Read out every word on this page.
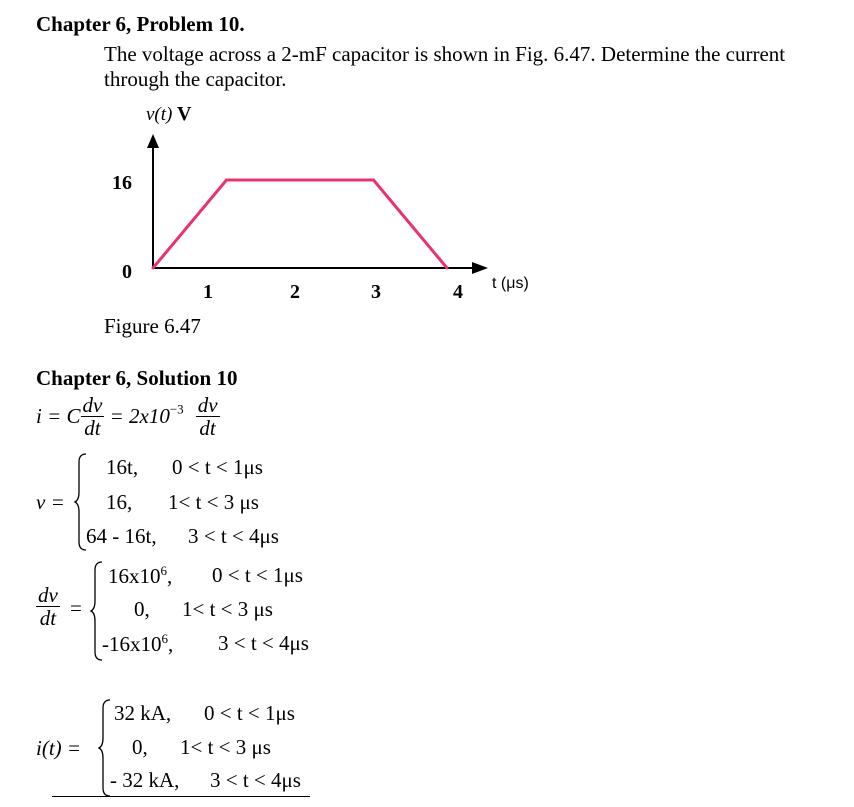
Chapter 6, Problem 10.
The voltage across a 2-mF capacitor is shown in Fig. 6.47. Determine the current
through the capacitor.
v(t) V
16
0
1	2	3	4 t (μs)
Figure 6.47
Chapter 6, Solution 10
i = C $\frac{dv}{dt} = 2x10^{-3} \frac{dv}{dt}$
v =
16t, 0 < t < 1μs
16, 1< t < 3 μs
64 - 16t, 3 < t < 4μs
$\frac{dv}{dt}$ =
$16x10^6$, 0 < t < 1μs
0, 1< t < 3 μs
$-16x10^6$, 3 < t < 4μs
i(t) =
32 kA, 0 < t < 1μs
0, 1< t < 3 μs
- 32 kA, 3 < t < 4μs
